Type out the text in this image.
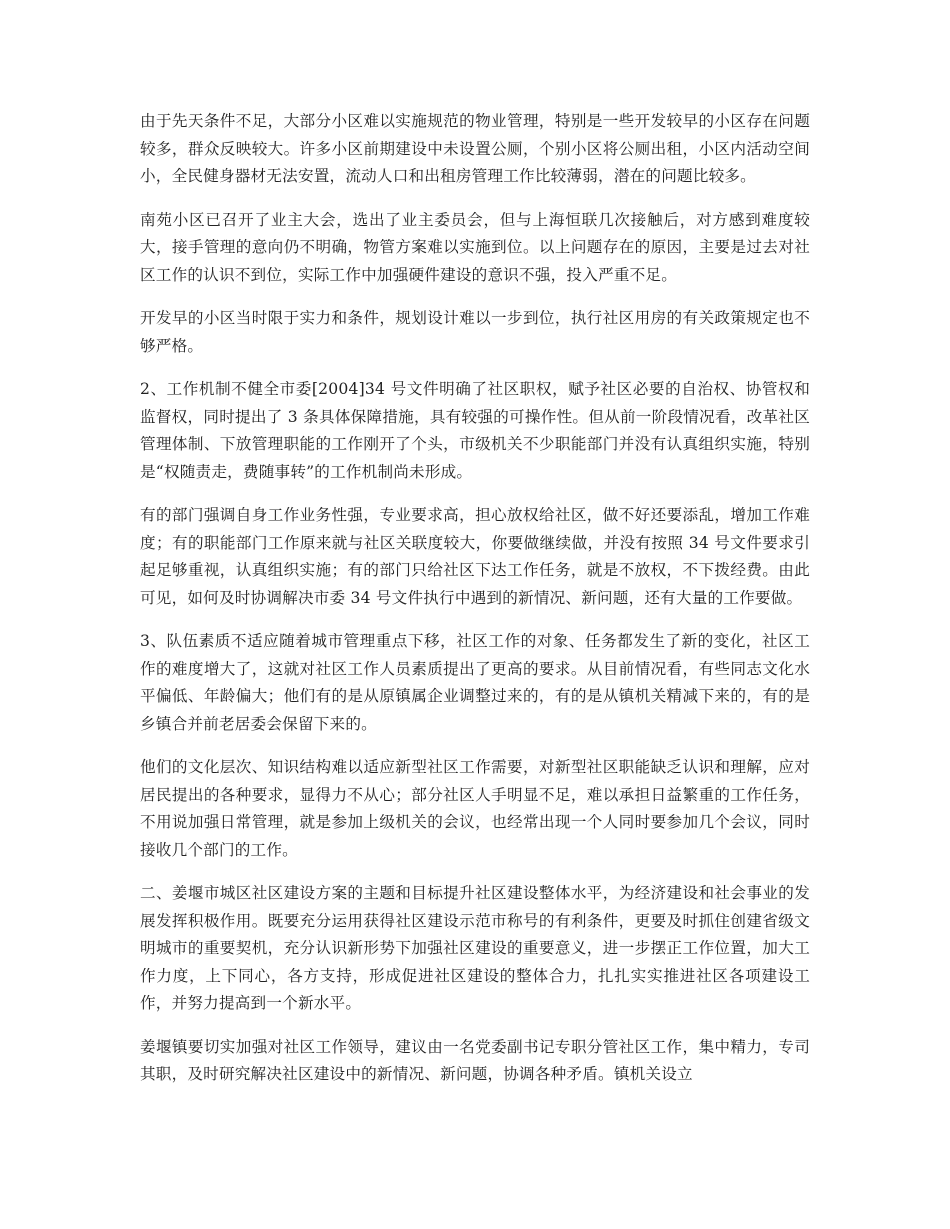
由于先天条件不足，大部分小区难以实施规范的物业管理，特别是一些开发较早的小区存在问题较多，群众反映较大。许多小区前期建设中未设置公厕，个别小区将公厕出租，小区内活动空间小，全民健身器材无法安置，流动人口和出租房管理工作比较薄弱，潜在的问题比较多。

南苑小区已召开了业主大会，选出了业主委员会，但与上海恒联几次接触后，对方感到难度较大，接手管理的意向仍不明确，物管方案难以实施到位。以上问题存在的原因，主要是过去对社区工作的认识不到位，实际工作中加强硬件建设的意识不强，投入严重不足。

开发早的小区当时限于实力和条件，规划设计难以一步到位，执行社区用房的有关政策规定也不够严格。

2、工作机制不健全市委[2004]34 号文件明确了社区职权，赋予社区必要的自治权、协管权和监督权，同时提出了 3 条具体保障措施，具有较强的可操作性。但从前一阶段情况看，改革社区管理体制、下放管理职能的工作刚开了个头，市级机关不少职能部门并没有认真组织实施，特别是“权随责走，费随事转”的工作机制尚未形成。

有的部门强调自身工作业务性强，专业要求高，担心放权给社区，做不好还要添乱，增加工作难度；有的职能部门工作原来就与社区关联度较大，你要做继续做，并没有按照 34 号文件要求引起足够重视，认真组织实施；有的部门只给社区下达工作任务，就是不放权，不下拨经费。由此可见，如何及时协调解决市委 34 号文件执行中遇到的新情况、新问题，还有大量的工作要做。

3、队伍素质不适应随着城市管理重点下移，社区工作的对象、任务都发生了新的变化，社区工作的难度增大了，这就对社区工作人员素质提出了更高的要求。从目前情况看，有些同志文化水平偏低、年龄偏大；他们有的是从原镇属企业调整过来的，有的是从镇机关精减下来的，有的是乡镇合并前老居委会保留下来的。

他们的文化层次、知识结构难以适应新型社区工作需要，对新型社区职能缺乏认识和理解，应对居民提出的各种要求，显得力不从心；部分社区人手明显不足，难以承担日益繁重的工作任务，不用说加强日常管理，就是参加上级机关的会议，也经常出现一个人同时要参加几个会议，同时接收几个部门的工作。

二、姜堰市城区社区建设方案的主题和目标提升社区建设整体水平，为经济建设和社会事业的发展发挥积极作用。既要充分运用获得社区建设示范市称号的有利条件，更要及时抓住创建省级文明城市的重要契机，充分认识新形势下加强社区建设的重要意义，进一步摆正工作位置，加大工作力度，上下同心，各方支持，形成促进社区建设的整体合力，扎扎实实推进社区各项建设工作，并努力提高到一个新水平。

姜堰镇要切实加强对社区工作领导，建议由一名党委副书记专职分管社区工作，集中精力，专司其职，及时研究解决社区建设中的新情况、新问题，协调各种矛盾。镇机关设立
